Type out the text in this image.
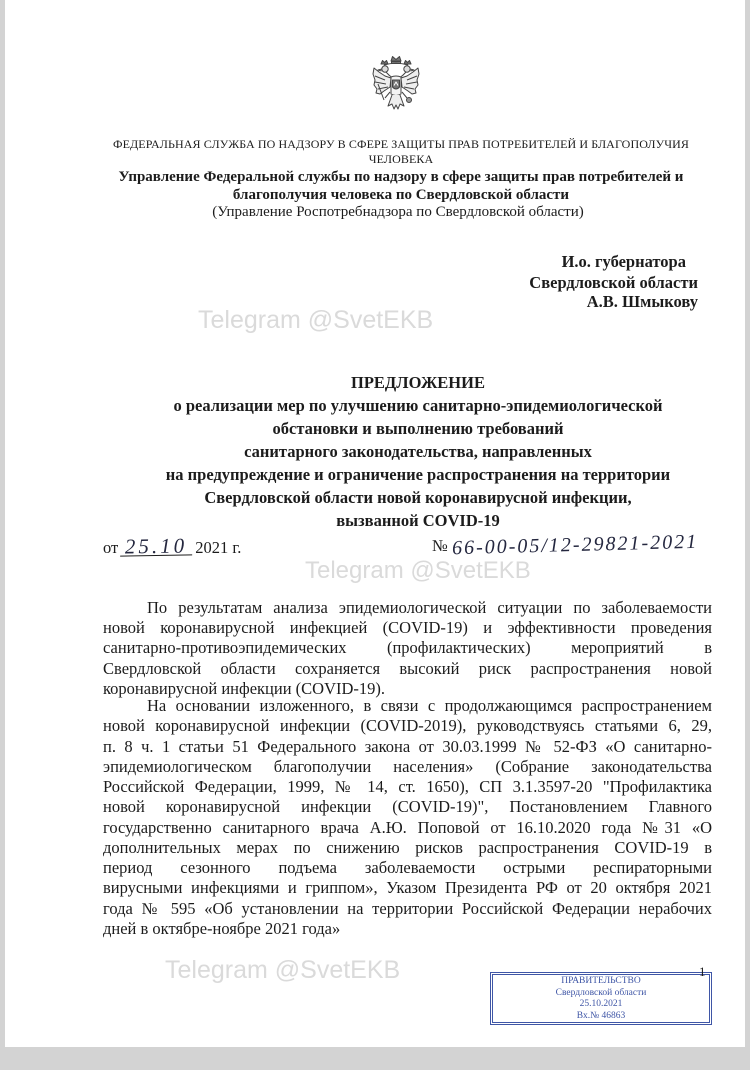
ФЕДЕРАЛЬНАЯ СЛУЖБА ПО НАДЗОРУ В СФЕРЕ ЗАЩИТЫ ПРАВ ПОТРЕБИТЕЛЕЙ И БЛАГОПОЛУЧИЯ
ЧЕЛОВЕКА
Управление Федеральной службы по надзору в сфере защиты прав потребителей и
благополучия человека по Свердловской области
(Управление Роспотребнадзора по Свердловской области)
И.о. губернатора
Свердловской области
А.В. Шмыкову
Telegram @SvetEKB
ПРЕДЛОЖЕНИЕ
о реализации мер по улучшению санитарно-эпидемиологической
обстановки и выполнению требований
санитарного законодательства, направленных
на предупреждение и ограничение распространения на территории
Свердловской области новой коронавирусной инфекции,
вызванной COVID-19
от 25.10 2021 г.	№ 66-00-05/12-29821-2021
Telegram @SvetEKB
По результатам анализа эпидемиологической ситуации по заболеваемости
новой коронавирусной инфекцией (COVID-19) и эффективности проведения
санитарно-противоэпидемических (профилактических) мероприятий в
Свердловской области сохраняется высокий риск распространения новой
коронавирусной инфекции (COVID-19).
На основании изложенного, в связи с продолжающимся распространением
новой коронавирусной инфекции (COVID-2019), руководствуясь статьями 6, 29,
п. 8 ч. 1 статьи 51 Федерального закона от 30.03.1999 № 52-ФЗ «О санитарно-
эпидемиологическом благополучии населения» (Собрание законодательства
Российской Федерации, 1999, № 14, ст. 1650), СП 3.1.3597-20 "Профилактика
новой коронавирусной инфекции (COVID-19)", Постановлением Главного
государственно санитарного врача А.Ю. Поповой от 16.10.2020 года №31 «О
дополнительных мерах по снижению рисков распространения COVID-19 в
период сезонного подъема заболеваемости острыми респираторными
вирусными инфекциями и гриппом», Указом Президента РФ от 20 октября 2021
года № 595 «Об установлении на территории Российской Федерации нерабочих
дней в октябре-ноябре 2021 года»
Telegram @SvetEKB	ПРАВИТЕЛЬСТВО
Свердловской области
25.10.2021
Вх.№ 46863
1
